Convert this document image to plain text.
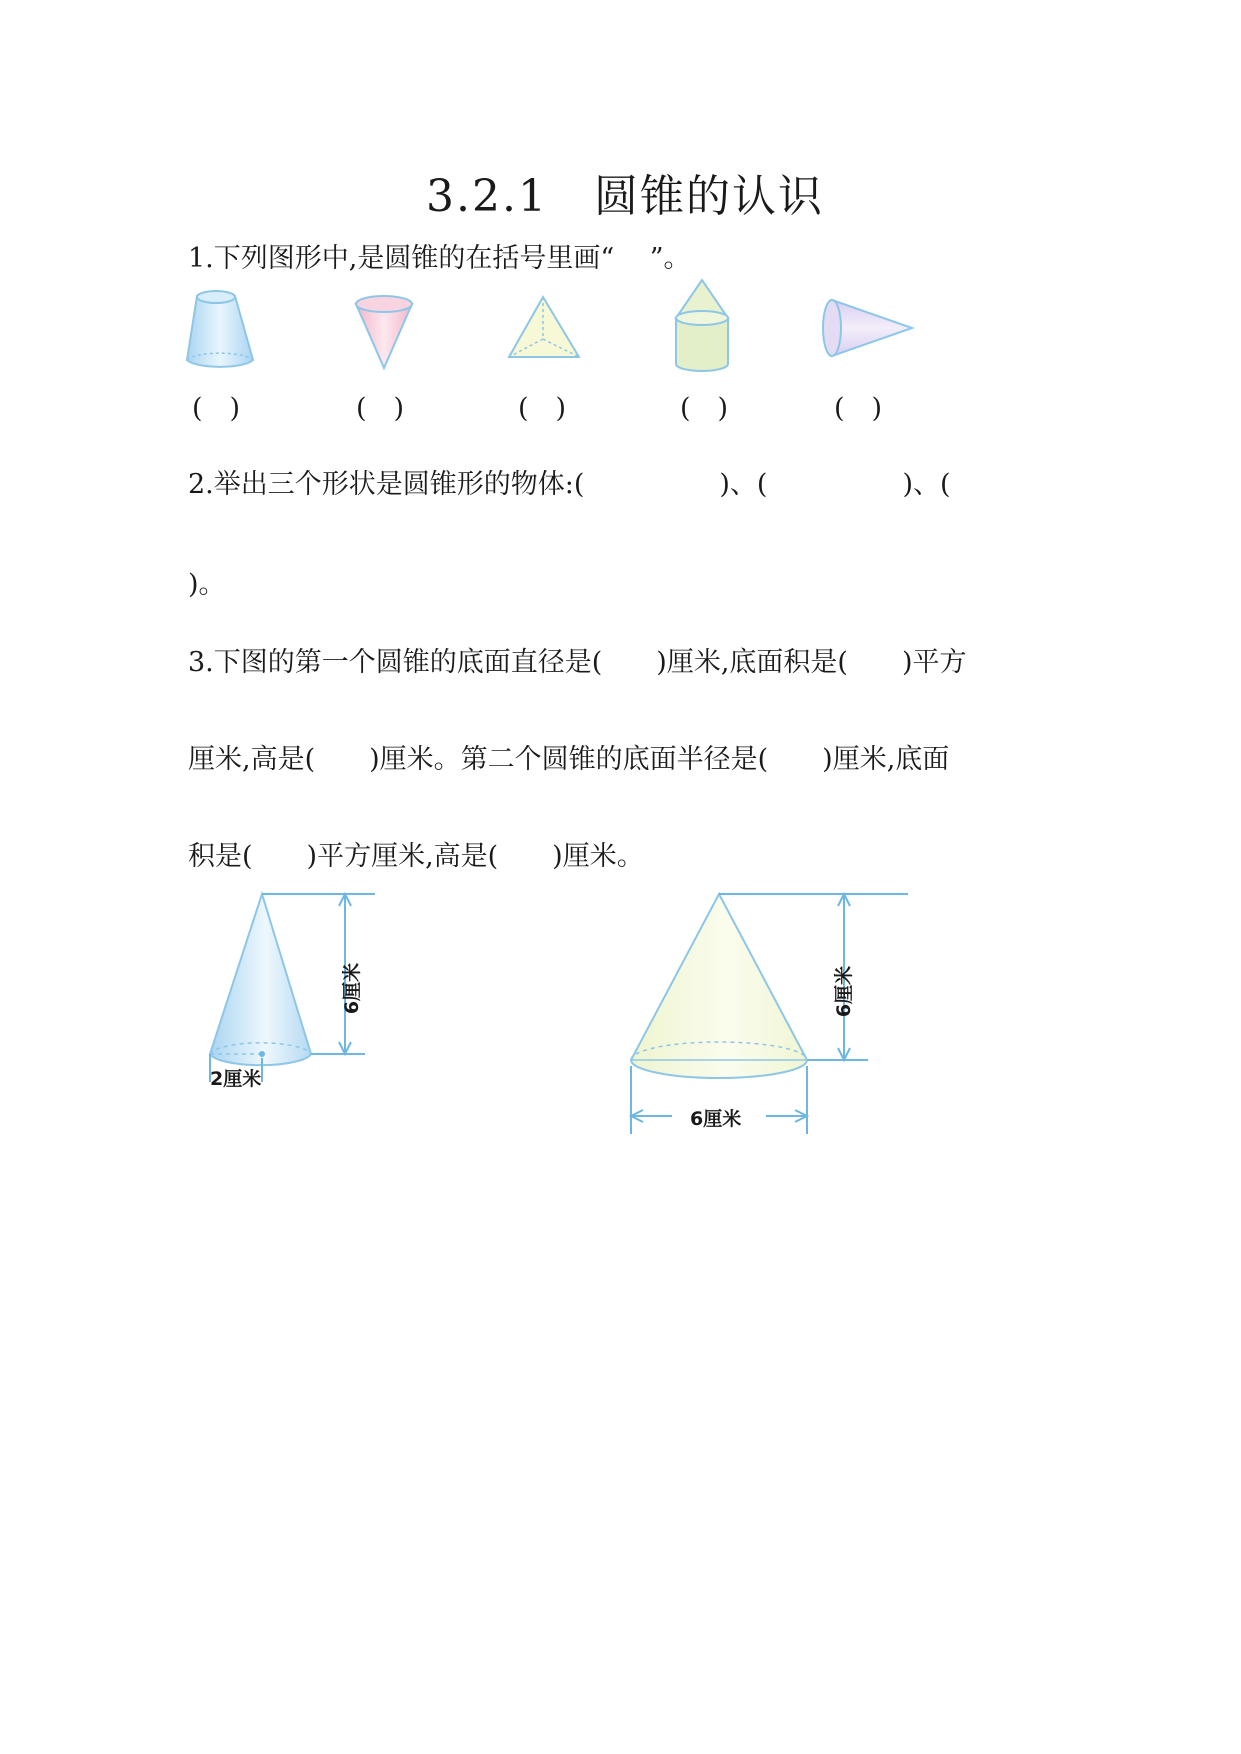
3.2.1　圆锥的认识
1.下列图形中,是圆锥的在括号里画“　 ”。
(　)	(　)	(　)	(　)	(　)
2.举出三个形状是圆锥形的物体:(　　　　　)、(　　　　　)、(
)。
3.下图的第一个圆锥的底面直径是(　　)厘米,底面积是(　　)平方
厘米,高是(　　)厘米。第二个圆锥的底面半径是(　　)厘米,底面
积是(　　)平方厘米,高是(　　)厘米。
6厘米
2厘米
6厘米
6厘米
